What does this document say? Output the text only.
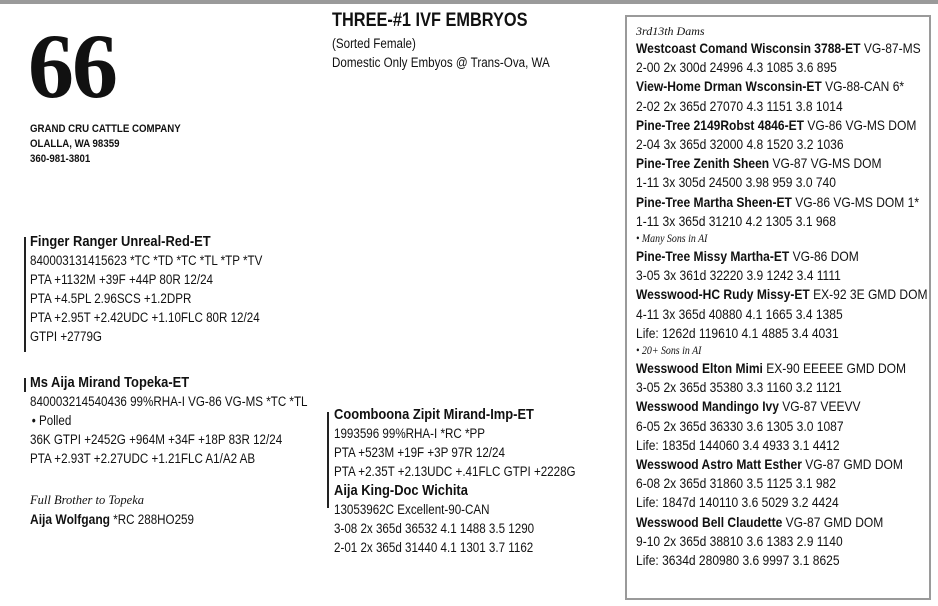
66
GRAND CRU CATTLE COMPANY
OLALLA, WA 98359
360-981-3801
THREE-#1 IVF EMBRYOS
(Sorted Female)
Domestic Only Embyos @ Trans-Ova, WA
Finger Ranger Unreal-Red-ET
840003131415623 *TC *TD *TC *TL *TP *TV
PTA +1132M +39F +44P 80R 12/24
PTA +4.5PL 2.96SCS +1.2DPR
PTA +2.95T +2.42UDC +1.10FLC 80R 12/24
GTPI +2779G
Ms Aija Mirand Topeka-ET
840003214540436 99%RHA-I VG-86 VG-MS *TC *TL
• Polled
36K GTPI +2452G +964M +34F +18P 83R 12/24
PTA +2.93T +2.27UDC +1.21FLC A1/A2 AB
Full Brother to Topeka
Aija Wolfgang *RC 288HO259
Coomboona Zipit Mirand-Imp-ET
1993596 99%RHA-I *RC *PP
PTA +523M +19F +3P 97R 12/24
PTA +2.35T +2.13UDC +.41FLC GTPI +2228G
Aija King-Doc Wichita
13053962C Excellent-90-CAN
3-08 2x 365d 36532 4.1 1488 3.5 1290
2-01 2x 365d 31440 4.1 1301 3.7 1162
3rd13th Dams
Westcoast Comand Wisconsin 3788-ET VG-87-MS
2-00 2x 300d 24996 4.3 1085 3.6 895
View-Home Drman Wsconsin-ET VG-88-CAN 6*
2-02 2x 365d 27070 4.3 1151 3.8 1014
Pine-Tree 2149Robst 4846-ET VG-86 VG-MS DOM
2-04 3x 365d 32000 4.8 1520 3.2 1036
Pine-Tree Zenith Sheen VG-87 VG-MS DOM
1-11 3x 305d 24500 3.98 959 3.0 740
Pine-Tree Martha Sheen-ET VG-86 VG-MS DOM 1*
1-11 3x 365d 31210 4.2 1305 3.1 968
• Many Sons in AI
Pine-Tree Missy Martha-ET VG-86 DOM
3-05 3x 361d 32220 3.9 1242 3.4 1111
Wesswood-HC Rudy Missy-ET EX-92 3E GMD DOM
4-11 3x 365d 40880 4.1 1665 3.4 1385
Life: 1262d 119610 4.1 4885 3.4 4031
• 20+ Sons in AI
Wesswood Elton Mimi EX-90 EEEEE GMD DOM
3-05 2x 365d 35380 3.3 1160 3.2 1121
Wesswood Mandingo Ivy VG-87 VEEVV
6-05 2x 365d 36330 3.6 1305 3.0 1087
Life: 1835d 144060 3.4 4933 3.1 4412
Wesswood Astro Matt Esther VG-87 GMD DOM
6-08 2x 365d 31860 3.5 1125 3.1 982
Life: 1847d 140110 3.6 5029 3.2 4424
Wesswood Bell Claudette VG-87 GMD DOM
9-10 2x 365d 38810 3.6 1383 2.9 1140
Life: 3634d 280980 3.6 9997 3.1 8625
